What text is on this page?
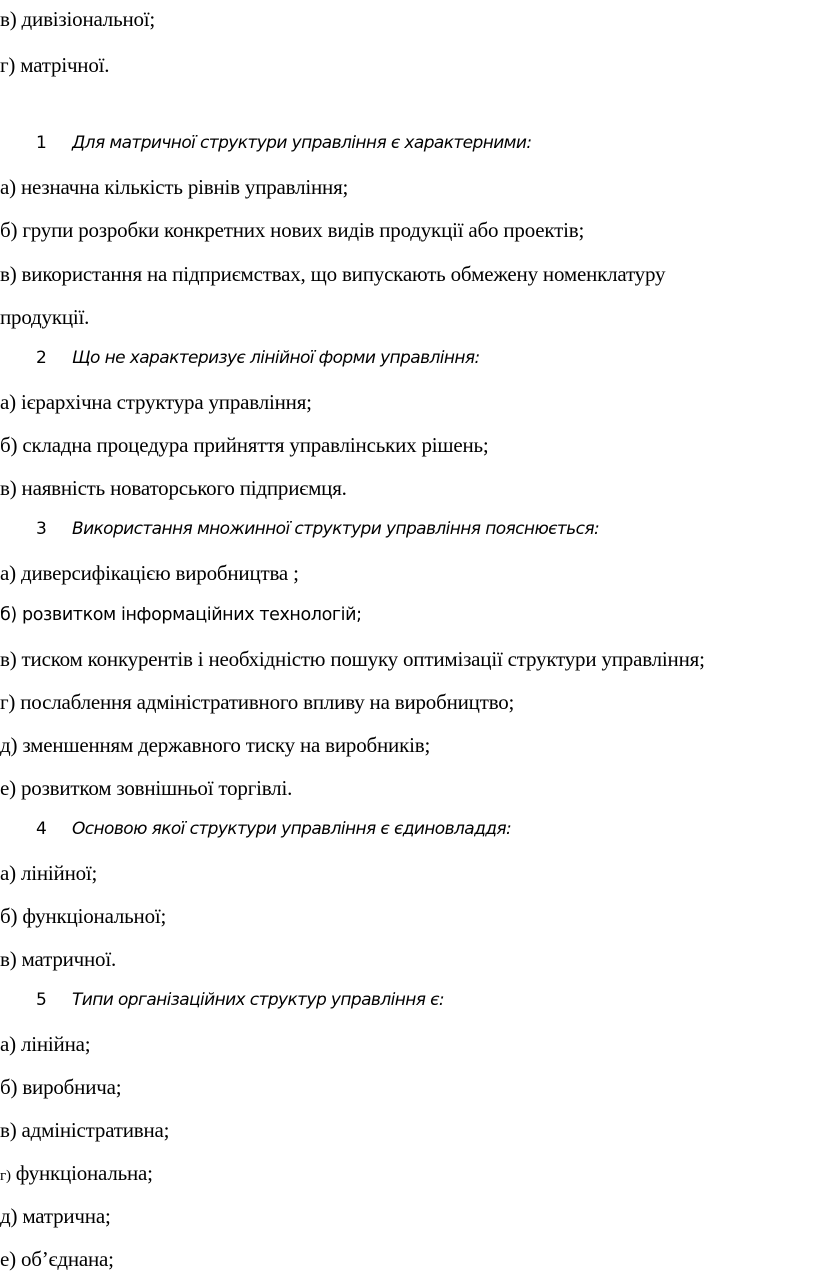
в) дивізіональної;
г) матрічної.
1 Для матричної структури управління є характерними:
а) незначна кількість рівнів управління;
б) групи розробки конкретних нових видів продукції або проектів;
в) використання на підприємствах, що випускають обмежену номенклатуру
продукції.
2 Що не характеризує лінійної форми управління:
а) ієрархічна структура управління;
б) складна процедура прийняття управлінських рішень;
в) наявність новаторського підприємця.
3 Використання множинної структури управління пояснюється:
а) диверсифікацією виробництва ;
б) розвитком інформаційних технологій;
в) тиском конкурентів і необхідністю пошуку оптимізації структури управління;
г) послаблення адміністративного впливу на виробництво;
д) зменшенням державного тиску на виробників;
е) розвитком зовнішньої торгівлі.
4 Основою якої структури управління є єдиновладдя:
а) лінійної;
б) функціональної;
в) матричної.
5 Типи організаційних структур управління є:
а) лінійна;
б) виробнича;
в) адміністративна;
г) функціональна;
д) матрична;
е) об’єднана;
